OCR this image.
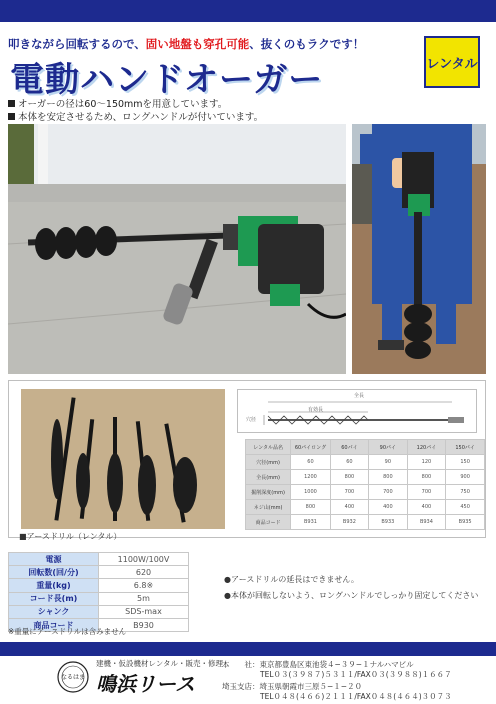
叩きながら回転するので、固い地盤も穿孔可能、抜くのもラクです！
電動ハンドオーガー	レンタル
オーガーの径は60〜150mmを用意しています。
本体を安定させるため、ロングハンドルが付いています。
■アースドリル（レンタル）
全長
有効長
穴径
レンタル品名	60パイロング	60パイ	90パイ	120パイ	150パイ
穴径(mm)	60	60	90	120	150
全長(mm)	1200	800	800	800	900
掘削深度(mm)	1000	700	700	700	750
ネジ山(mm)	800	400	400	400	450
商品コード	B931	B932	B933	B934	B935
電源	1100W/100V
回転数(回/分)	620
重量(kg)	6.8※
コード長(m)	5m
シャンク	SDS-max
商品コード	B930
※重量にアースドリルは含みません
●アースドリルの延長はできません。
●本体が回転しないよう、ロングハンドルでしっかり固定してください
なるはま
建機・仮設機材レンタル・販売・修理
鳴浜リース
本　　社：東京都豊島区東池袋４−３９−１ナルハマビル
TEL０３(３９８７)５３１１/FAX０３(３９８８)１６６７
埼玉支店：埼玉県朝霞市三原５−１−２０
TEL０４８(４６６)２１１１/FAX０４８(４６４)３０７３
